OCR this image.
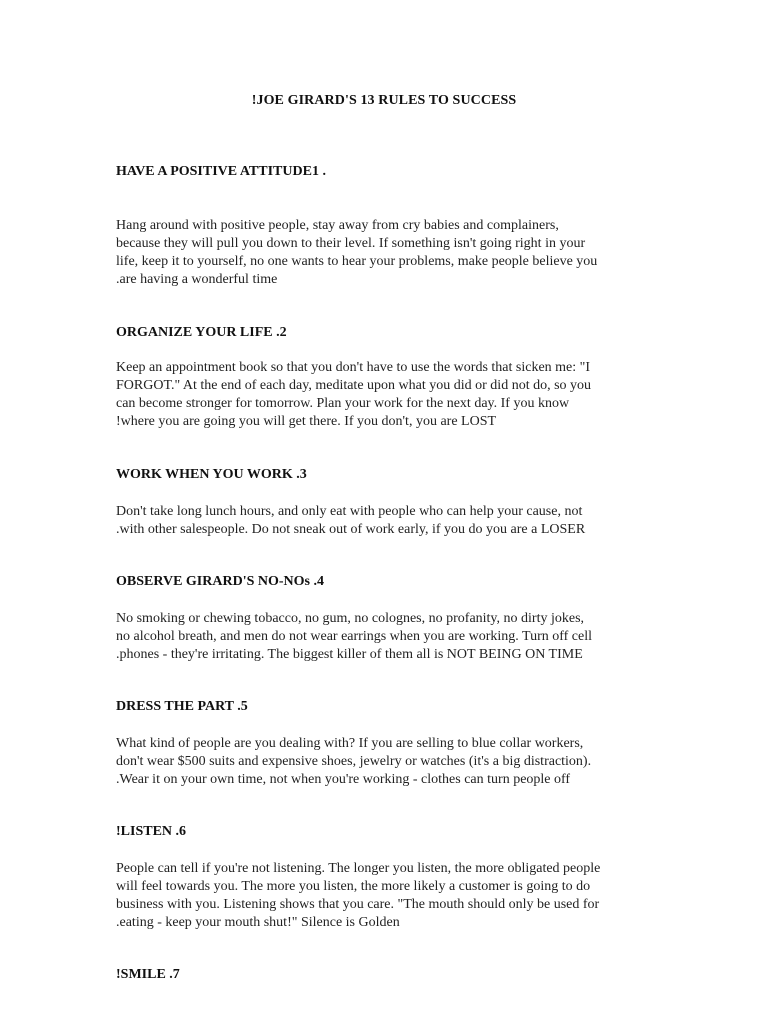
!JOE GIRARD'S 13 RULES TO SUCCESS
HAVE A POSITIVE ATTITUDE1 .
Hang around with positive people, stay away from cry babies and complainers,
because they will pull you down to their level. If something isn't going right in your
life, keep it to yourself, no one wants to hear your problems, make people believe you
.are having a wonderful time
ORGANIZE YOUR LIFE .2
Keep an appointment book so that you don't have to use the words that sicken me: "I
FORGOT." At the end of each day, meditate upon what you did or did not do, so you
can become stronger for tomorrow. Plan your work for the next day. If you know
!where you are going you will get there. If you don't, you are LOST
WORK WHEN YOU WORK .3
Don't take long lunch hours, and only eat with people who can help your cause, not
.with other salespeople. Do not sneak out of work early, if you do you are a LOSER
OBSERVE GIRARD'S NO-NOs .4
No smoking or chewing tobacco, no gum, no colognes, no profanity, no dirty jokes,
no alcohol breath, and men do not wear earrings when you are working. Turn off cell
.phones - they're irritating. The biggest killer of them all is NOT BEING ON TIME
DRESS THE PART .5
What kind of people are you dealing with? If you are selling to blue collar workers,
don't wear $500 suits and expensive shoes, jewelry or watches (it's a big distraction).
.Wear it on your own time, not when you're working - clothes can turn people off
!LISTEN .6
People can tell if you're not listening. The longer you listen, the more obligated people
will feel towards you. The more you listen, the more likely a customer is going to do
business with you. Listening shows that you care. "The mouth should only be used for
.eating - keep your mouth shut!" Silence is Golden
!SMILE .7
